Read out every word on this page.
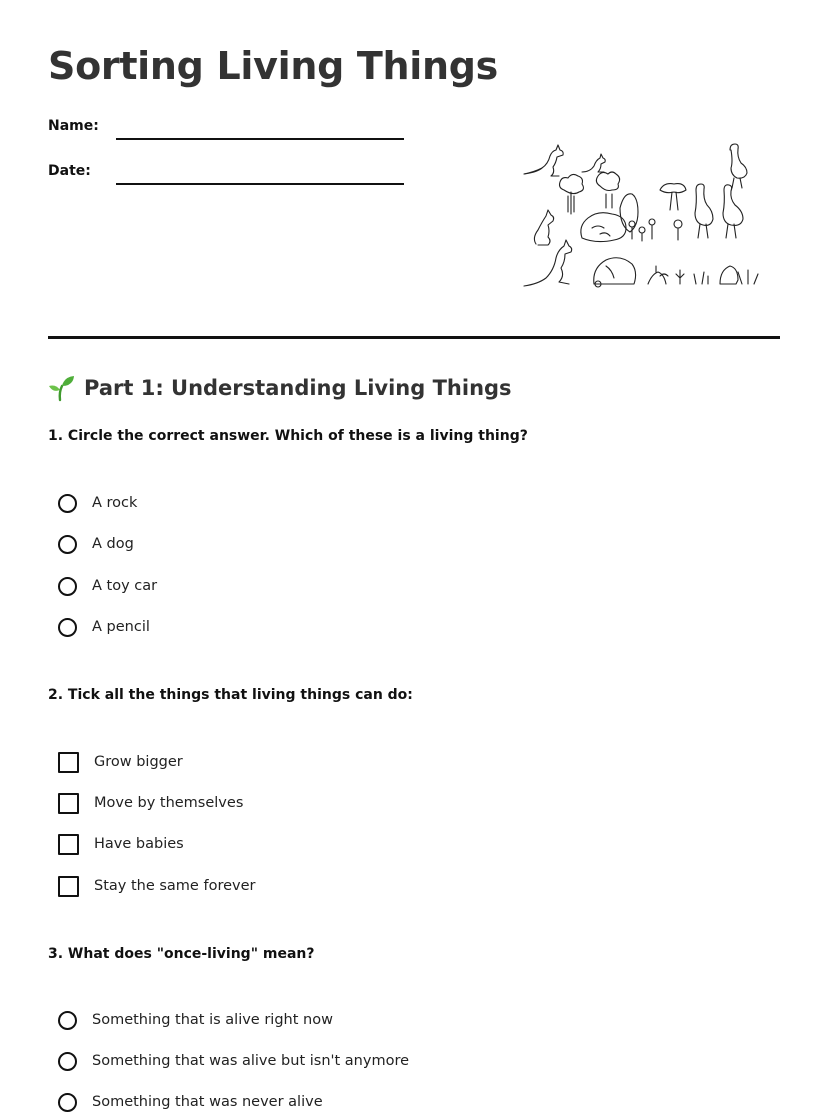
Sorting Living Things
Name:
Date:
Part 1: Understanding Living Things

1. Circle the correct answer. Which of these is a living thing?

A rock
A dog
A toy car
A pencil

2. Tick all the things that living things can do:

Grow bigger
Move by themselves
Have babies
Stay the same forever

3. What does "once-living" mean?

Something that is alive right now
Something that was alive but isn't anymore
Something that was never alive
